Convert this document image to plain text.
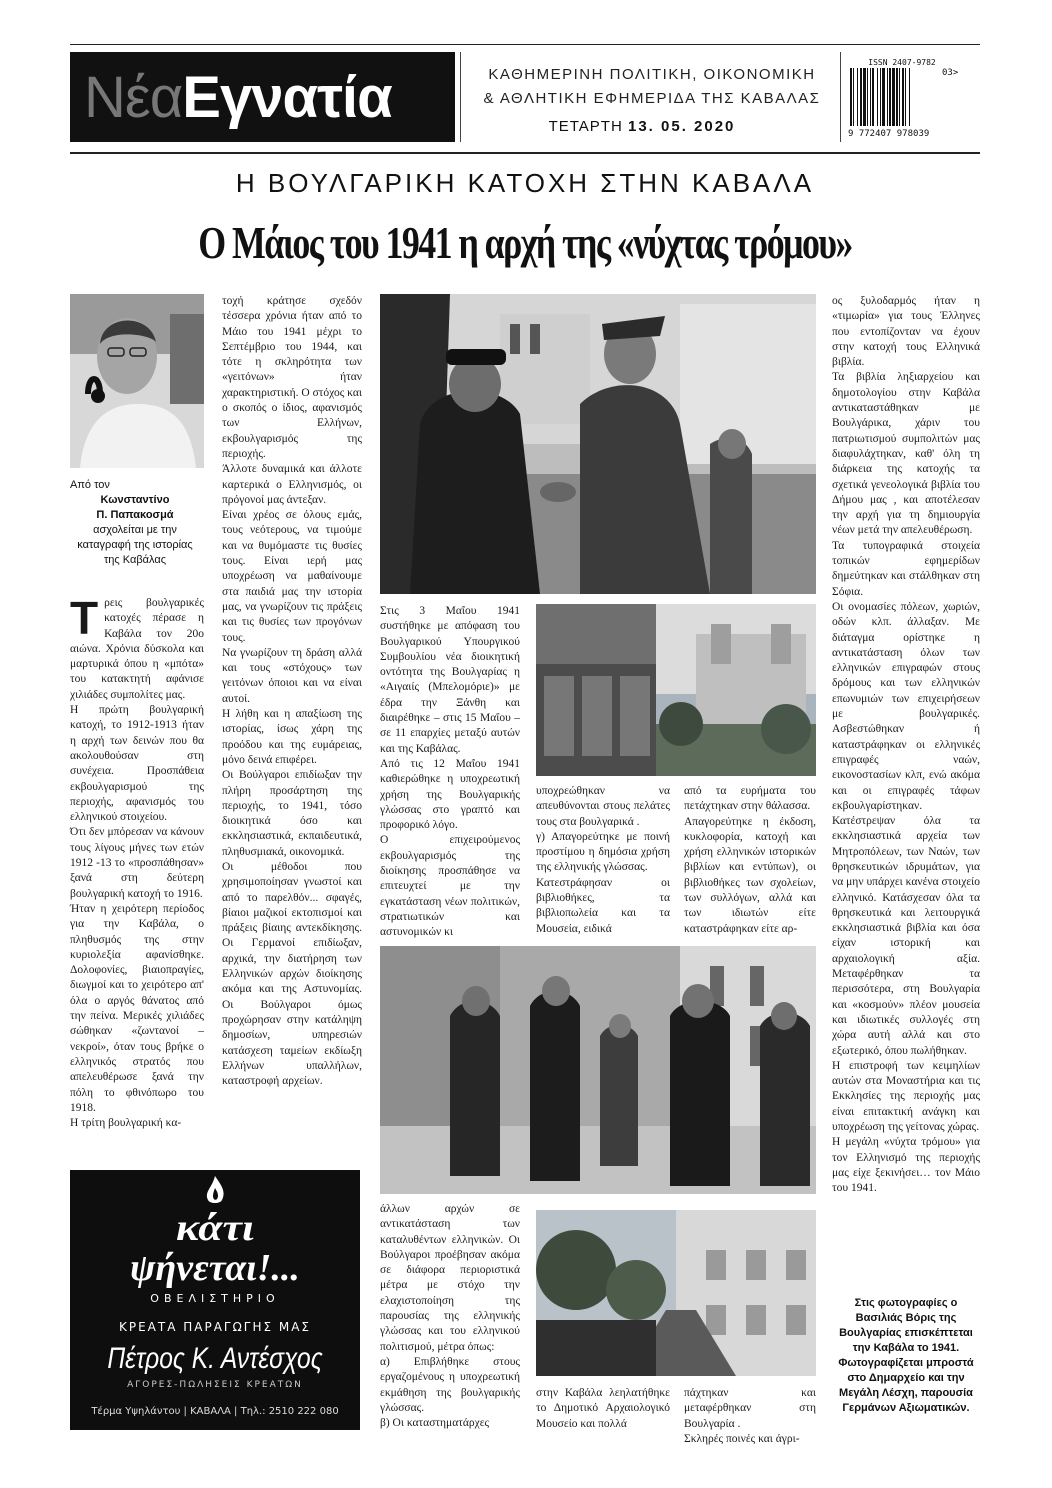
Νέα Εγνατία	ΚΑΘΗΜΕΡΙΝΗ ΠΟΛΙΤΙΚΗ, ΟΙΚΟΝΟΜΙΚΗ
& ΑΘΛΗΤΙΚΗ ΕΦΗΜΕΡΙΔΑ ΤΗΣ ΚΑΒΑΛΑΣ
ΤΕΤΑΡΤΗ 13. 05. 2020
ISSN 2407-9782
9 772407 978039
03>
Η ΒΟΥΛΓΑΡΙΚΗ ΚΑΤΟΧΗ ΣΤΗΝ ΚΑΒΑΛΑ
Ο Μάιος του 1941 η αρχή της «νύχτας τρόμου»
Από τον
Κωνσταντίνο
Π. Παπακοσμά
ασχολείται με την καταγραφή της ιστορίας της Καβάλας

Τρεις βουλγαρικές κατοχές πέρασε η Καβάλα τον 20ο αιώνα. Χρόνια δύσκολα και μαρτυρικά όπου η «μπότα» του κατακτητή αφάνισε χιλιάδες συμπολίτες μας.

Η πρώτη βουλγαρική κατοχή, το 1912-1913 ήταν η αρχή των δεινών που θα ακολουθούσαν στη συνέχεια. Προσπάθεια εκβουλγαρισμού της περιοχής, αφανισμός του ελληνικού στοιχείου.

Ότι δεν μπόρεσαν να κάνουν τους λίγους μήνες των ετών 1912 -13 το «προσπάθησαν» ξανά στη δεύτερη βουλγαρική κατοχή το 1916.

Ήταν η χειρότερη περίοδος για την Καβάλα, ο πληθυσμός της στην κυριολεξία αφανίσθηκε. Δολοφονίες, βιαιοπραγίες, διωγμοί και το χειρότερο απ' όλα ο αργός θάνατος από την πείνα. Μερικές χιλιάδες σώθηκαν «ζωντανοί – νεκροί», όταν τους βρήκε ο ελληνικός στρατός που απελευθέρωσε ξανά την πόλη το φθινόπωρο του 1918.

Η τρίτη βουλγαρική κα-

τοχή κράτησε σχεδόν τέσσερα χρόνια ήταν από το Μάιο του 1941 μέχρι το Σεπτέμβριο του 1944, και τότε η σκληρότητα των «γειτόνων» ήταν χαρακτηριστική. Ο στόχος και ο σκοπός ο ίδιος, αφανισμός των Ελλήνων, εκβουλγαρισμός της περιοχής.

Άλλοτε δυναμικά και άλλοτε καρτερικά ο Ελληνισμός, οι πρόγονοί μας άντεξαν.

Είναι χρέος σε όλους εμάς, τους νεότερους, να τιμούμε και να θυμόμαστε τις θυσίες τους. Είναι ιερή μας υποχρέωση να μαθαίνουμε στα παιδιά μας την ιστορία μας, να γνωρίζουν τις πράξεις και τις θυσίες των προγόνων τους.

Να γνωρίζουν τη δράση αλλά και τους «στόχους» των γειτόνων όποιοι και να είναι αυτοί.

Η λήθη και η απαξίωση της ιστορίας, ίσως χάρη της προόδου και της ευμάρειας, μόνο δεινά επιφέρει.

Οι Βούλγαροι επιδίωξαν την πλήρη προσάρτηση της περιοχής, το 1941, τόσο διοικητικά όσο και εκκλησιαστικά, εκπαιδευτικά, πληθυσμιακά, οικονομικά.

Οι μέθοδοι που χρησιμοποίησαν γνωστοί και από το παρελθόν... σφαγές, βίαιοι μαζικοί εκτοπισμοί και πράξεις βίαιης αντεκδίκησης. Οι Γερμανοί επιδίωξαν, αρχικά, την διατήρηση των Ελληνικών αρχών διοίκησης ακόμα και της Αστυνομίας. Οι Βούλγαροι όμως προχώρησαν στην κατάληψη δημοσίων, υπηρεσιών κατάσχεση ταμείων εκδίωξη Ελλήνων υπαλλήλων, καταστροφή αρχείων.

Στις 3 Μαΐου 1941 συστήθηκε με απόφαση του Βουλγαρικού Υπουργικού Συμβουλίου νέα διοικητική οντότητα της Βουλγαρίας η «Αιγαιίς (Μπελομόριε)» με έδρα την Ξάνθη και διαιρέθηκε – στις 15 Μαΐου – σε 11 επαρχίες μεταξύ αυτών και της Καβάλας.

Από τις 12 Μαΐου 1941 καθιερώθηκε η υποχρεωτική χρήση της Βουλγαρικής γλώσσας στο γραπτό και προφορικό λόγο.

Ο επιχειρούμενος εκβουλγαρισμός της διοίκησης προσπάθησε να επιτευχτεί με την εγκατάσταση νέων πολιτικών, στρατιωτικών και αστυνομικών κι

υποχρεώθηκαν να απευθύνονται στους πελάτες τους στα βουλγαρικά .

γ) Απαγορεύτηκε με ποινή προστίμου η δημόσια χρήση της ελληνικής γλώσσας.

Κατεστράφησαν οι βιβλιοθήκες, τα βιβλιοπωλεία και τα Μουσεία, ειδικά

από τα ευρήματα του πετάχτηκαν στην θάλασσα.

Απαγορεύτηκε η έκδοση, κυκλοφορία, κατοχή και χρήση ελληνικών ιστορικών βιβλίων και εντύπων), οι βιβλιοθήκες των σχολείων, των συλλόγων, αλλά και των ιδιωτών είτε καταστράφηκαν είτε αρ-

άλλων αρχών σε αντικατάσταση των καταλυθέντων ελληνικών. Οι Βούλγαροι προέβησαν ακόμα σε διάφορα περιοριστικά μέτρα με στόχο την ελαχιστοποίηση της παρουσίας της ελληνικής γλώσσας και του ελληνικού πολιτισμού, μέτρα όπως:

α) Επιβλήθηκε στους εργαζομένους η υποχρεωτική εκμάθηση της βουλγαρικής γλώσσας.

β) Οι καταστηματάρχες

στην Καβάλα λεηλατήθηκε το Δημοτικό Αρχαιολογικό Μουσείο και πολλά

πάχτηκαν και μεταφέρθηκαν στη Βουλγαρία .

Σκληρές ποινές και άγρι-

ος ξυλοδαρμός ήταν η «τιμωρία» για τους Έλληνες που εντοπίζονταν να έχουν στην κατοχή τους Ελληνικά βιβλία.

Τα βιβλία ληξιαρχείου και δημοτολογίου στην Καβάλα αντικαταστάθηκαν με Βουλγάρικα, χάριν του πατριωτισμού συμπολιτών μας διαφυλάχτηκαν, καθ' όλη τη διάρκεια της κατοχής τα σχετικά γενεολογικά βιβλία του Δήμου μας , και αποτέλεσαν την αρχή για τη δημιουργία νέων μετά την απελευθέρωση.

Τα τυπογραφικά στοιχεία τοπικών εφημερίδων δημεύτηκαν και στάλθηκαν στη Σόφια.

Οι ονομασίες πόλεων, χωριών, οδών κλπ. άλλαξαν. Με διάταγμα ορίστηκε η αντικατάσταση όλων των ελληνικών επιγραφών στους δρόμους και των ελληνικών επωνυμιών των επιχειρήσεων με βουλγαρικές. Ασβεστώθηκαν ή καταστράφηκαν οι ελληνικές επιγραφές ναών, εικονοστασίων κλπ, ενώ ακόμα και οι επιγραφές τάφων εκβουλγαρίστηκαν.

Κατέστρεψαν όλα τα εκκλησιαστικά αρχεία των Μητροπόλεων, των Ναών, των θρησκευτικών ιδρυμάτων, για να μην υπάρχει κανένα στοιχείο ελληνικό. Κατάσχεσαν όλα τα θρησκευτικά και λειτουργικά εκκλησιαστικά βιβλία και όσα είχαν ιστορική και αρχαιολογική αξία. Μεταφέρθηκαν τα περισσότερα, στη Βουλγαρία και «κοσμούν» πλέον μουσεία και ιδιωτικές συλλογές στη χώρα αυτή αλλά και στο εξωτερικό, όπου πωλήθηκαν.

Η επιστροφή των κειμηλίων αυτών στα Μοναστήρια και τις Εκκλησίες της περιοχής μας είναι επιτακτική ανάγκη και υποχρέωση της γείτονας χώρας.

Η μεγάλη «νύχτα τρόμου» για τον Ελληνισμό της περιοχής μας είχε ξεκινήσει… τον Μάιο του 1941.

Στις φωτογραφίες ο Βασιλιάς Βόρις της Βουλγαρίας επισκέπτεται την Καβάλα το 1941. Φωτογραφίζεται μπροστά στο Δημαρχείο και την Μεγάλη Λέσχη, παρουσία Γερμάνων Αξιωματικών.
κάτι
ψήνεται!...
ΟΒΕΛΙΣΤΗΡΙΟ
ΚΡΕΑΤΑ ΠΑΡΑΓΩΓΗΣ ΜΑΣ
Πέτρος Κ. Αντέσχος
ΑΓΟΡΕΣ-ΠΩΛΗΣΕΙΣ ΚΡΕΑΤΩΝ
Τέρμα Υψηλάντου | ΚΑΒΑΛΑ | Τηλ.: 2510 222 080
